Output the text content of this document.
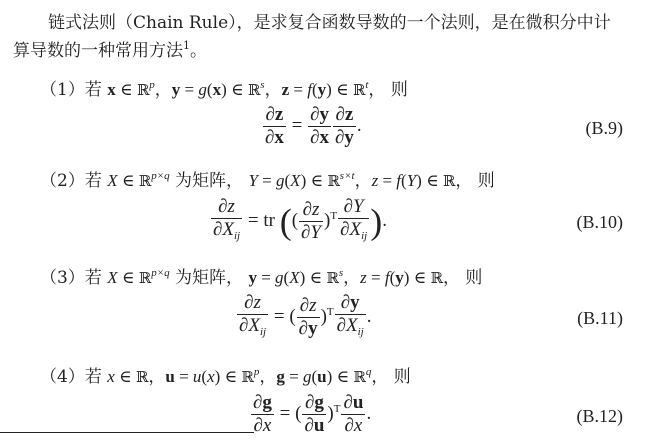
链式法则（Chain Rule），是求复合函数导数的一个法则，是在微积分中计
算导数的一种常用方法$^1$。
（1）若 x ∈ ℝ$^p$，y = g(x) ∈ ℝ$^s$，z = f(y) ∈ ℝ$^t$， 则
$\frac{\partial z}{\partial x} = \frac{\partial y}{\partial x} \frac{\partial z}{\partial y}$ .	(B.9)
（2）若 X ∈ ℝ$^{p\times q}$ 为矩阵， Y = g(X) ∈ ℝ$^{s\times t}$，z = f(Y) ∈ ℝ， 则
$\frac{\partial z}{\partial X_{ij}}$ = tr (( $\frac{\partial z}{\partial Y} )^T \frac{\partial Y}{\partial X_{ij}}$ ).	(B.10)
（3）若 X ∈ ℝ$^{p\times q}$ 为矩阵， y = g(X) ∈ ℝ$^s$，z = f(y) ∈ ℝ， 则
$\frac{\partial z}{\partial X_{ij}}$ = ( $\frac{\partial z}{\partial y} )^T \frac{\partial y}{\partial X_{ij}}$ .	(B.11)
（4）若 x ∈ ℝ，u = u(x) ∈ ℝ$^p$，g = g(u) ∈ ℝ$^q$， 则
$\frac{\partial g}{\partial x}$ = ( $\frac{\partial g}{\partial u} )^T \frac{\partial u}{\partial x}$ .	(B.12)
